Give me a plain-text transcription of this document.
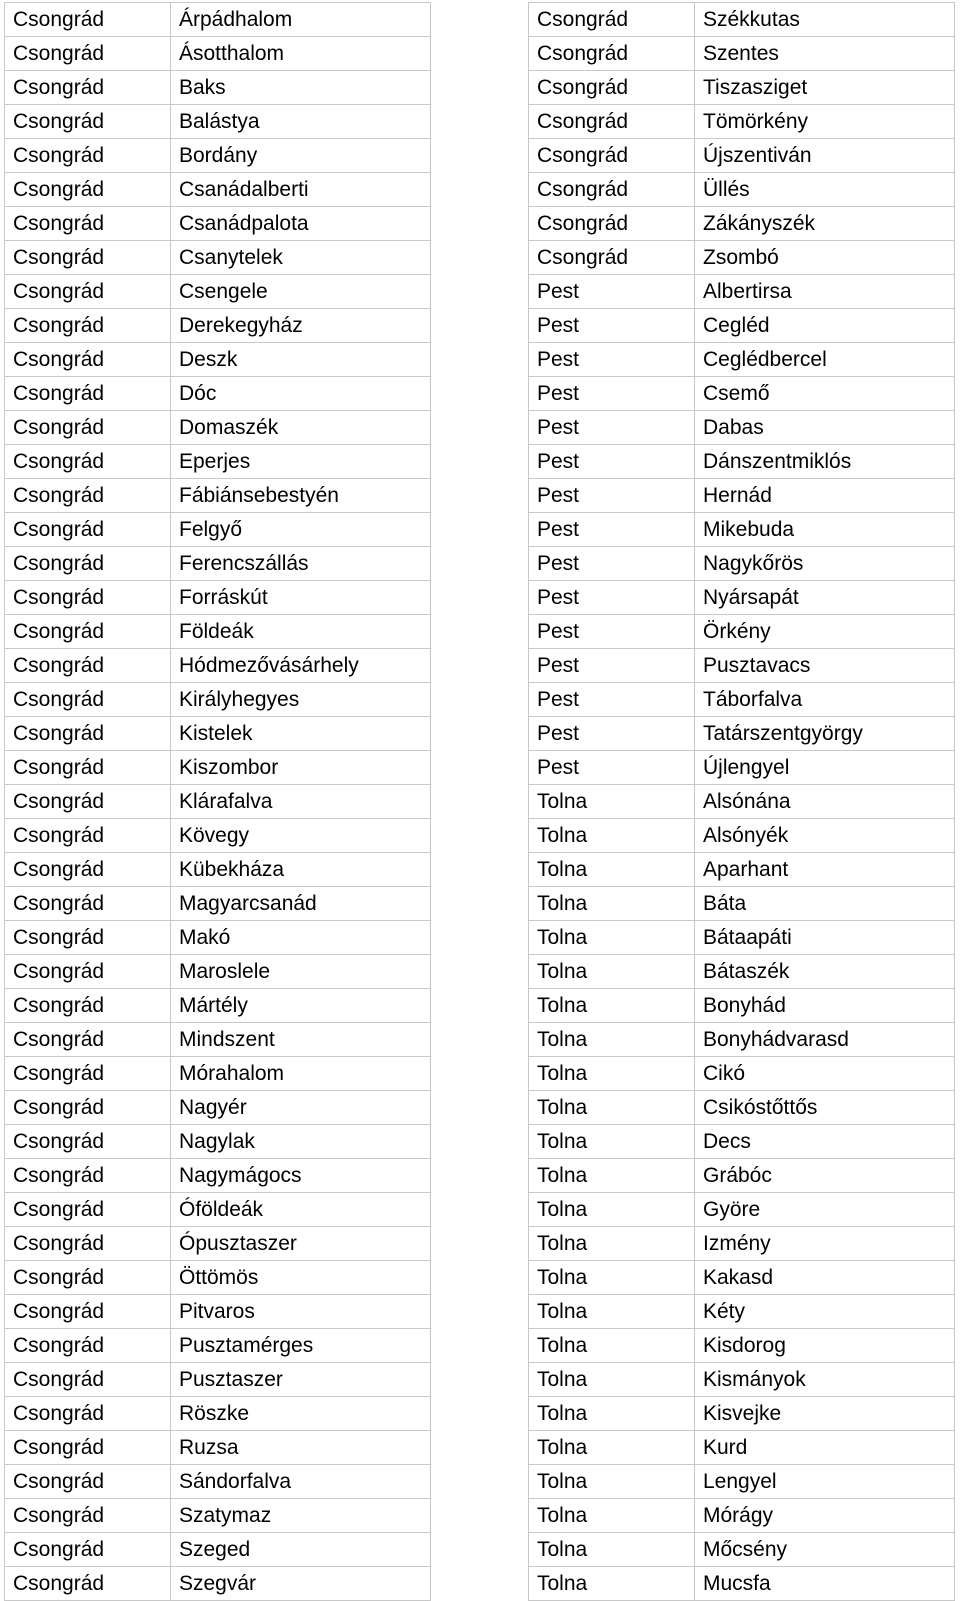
Csongrád	Árpádhalom
Csongrád	Ásotthalom
Csongrád	Baks
Csongrád	Balástya
Csongrád	Bordány
Csongrád	Csanádalberti
Csongrád	Csanádpalota
Csongrád	Csanytelek
Csongrád	Csengele
Csongrád	Derekegyház
Csongrád	Deszk
Csongrád	Dóc
Csongrád	Domaszék
Csongrád	Eperjes
Csongrád	Fábiánsebestyén
Csongrád	Felgyő
Csongrád	Ferencszállás
Csongrád	Forráskút
Csongrád	Földeák
Csongrád	Hódmezővásárhely
Csongrád	Királyhegyes
Csongrád	Kistelek
Csongrád	Kiszombor
Csongrád	Klárafalva
Csongrád	Kövegy
Csongrád	Kübekháza
Csongrád	Magyarcsanád
Csongrád	Makó
Csongrád	Maroslele
Csongrád	Mártély
Csongrád	Mindszent
Csongrád	Mórahalom
Csongrád	Nagyér
Csongrád	Nagylak
Csongrád	Nagymágocs
Csongrád	Óföldeák
Csongrád	Ópusztaszer
Csongrád	Öttömös
Csongrád	Pitvaros
Csongrád	Pusztamérges
Csongrád	Pusztaszer
Csongrád	Röszke
Csongrád	Ruzsa
Csongrád	Sándorfalva
Csongrád	Szatymaz
Csongrád	Szeged
Csongrád	Szegvár
Csongrád	Székkutas
Csongrád	Szentes
Csongrád	Tiszasziget
Csongrád	Tömörkény
Csongrád	Újszentiván
Csongrád	Üllés
Csongrád	Zákányszék
Csongrád	Zsombó
Pest	Albertirsa
Pest	Cegléd
Pest	Ceglédbercel
Pest	Csemő
Pest	Dabas
Pest	Dánszentmiklós
Pest	Hernád
Pest	Mikebuda
Pest	Nagykőrös
Pest	Nyársapát
Pest	Örkény
Pest	Pusztavacs
Pest	Táborfalva
Pest	Tatárszentgyörgy
Pest	Újlengyel
Tolna	Alsónána
Tolna	Alsónyék
Tolna	Aparhant
Tolna	Báta
Tolna	Bátaapáti
Tolna	Bátaszék
Tolna	Bonyhád
Tolna	Bonyhádvarasd
Tolna	Cikó
Tolna	Csikóstőttős
Tolna	Decs
Tolna	Grábóc
Tolna	Györe
Tolna	Izmény
Tolna	Kakasd
Tolna	Kéty
Tolna	Kisdorog
Tolna	Kismányok
Tolna	Kisvejke
Tolna	Kurd
Tolna	Lengyel
Tolna	Mórágy
Tolna	Mőcsény
Tolna	Mucsfa
